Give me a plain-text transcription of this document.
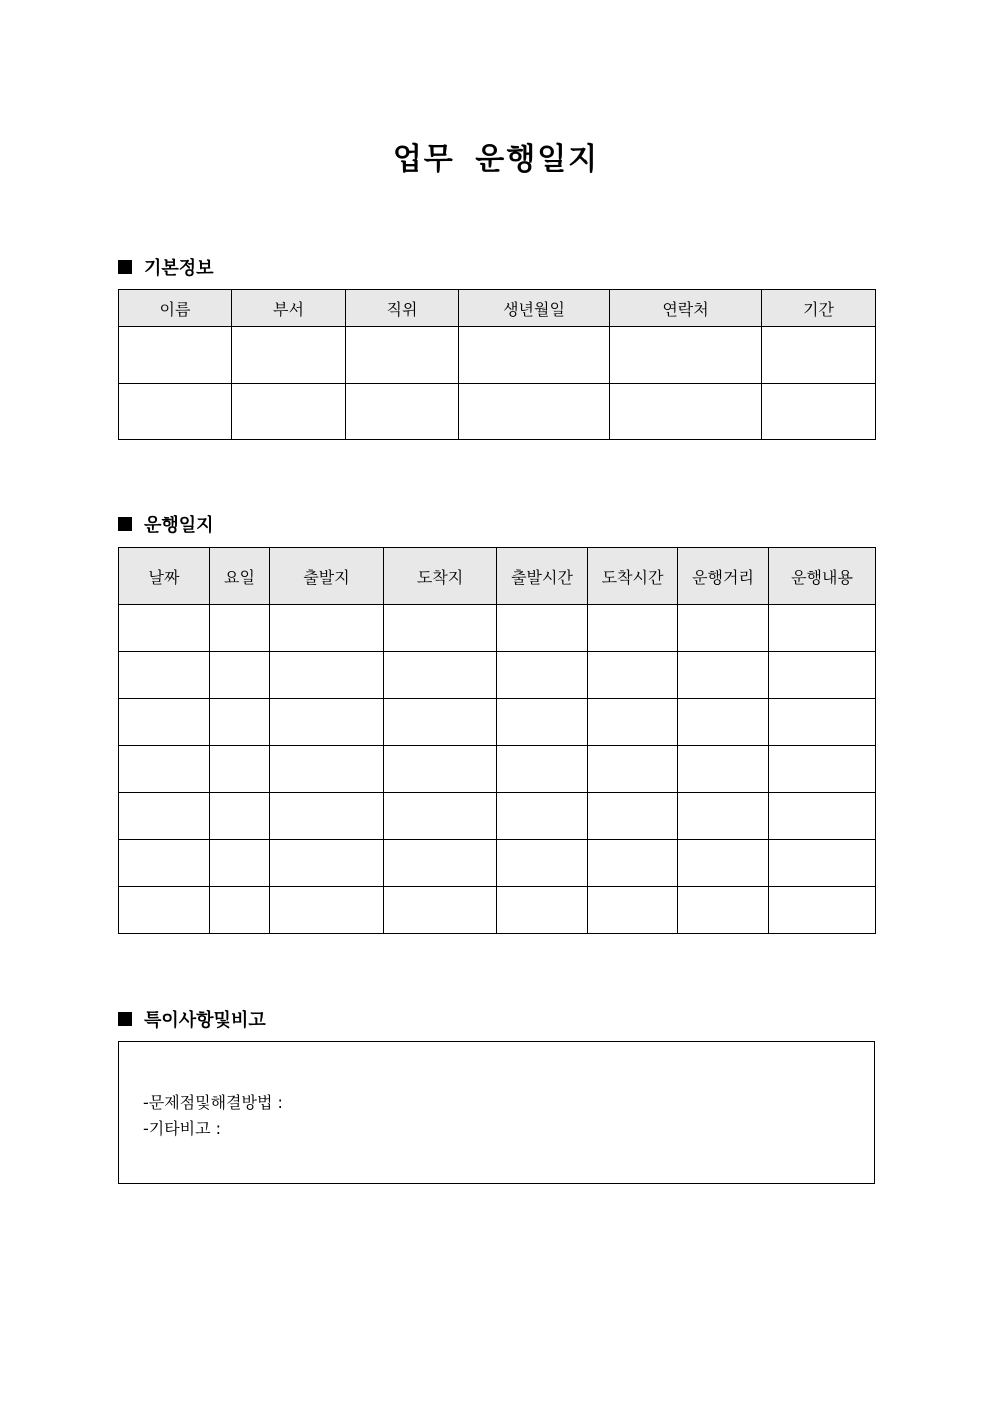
업무 운행일지
기본정보
이름	부서	직위	생년월일	연락처	기간

운행일지
날짜	요일	출발지	도착지	출발시간	도착시간	운행거리	운행내용

특이사항및비고
-문제점및해결방법 :
-기타비고 :
